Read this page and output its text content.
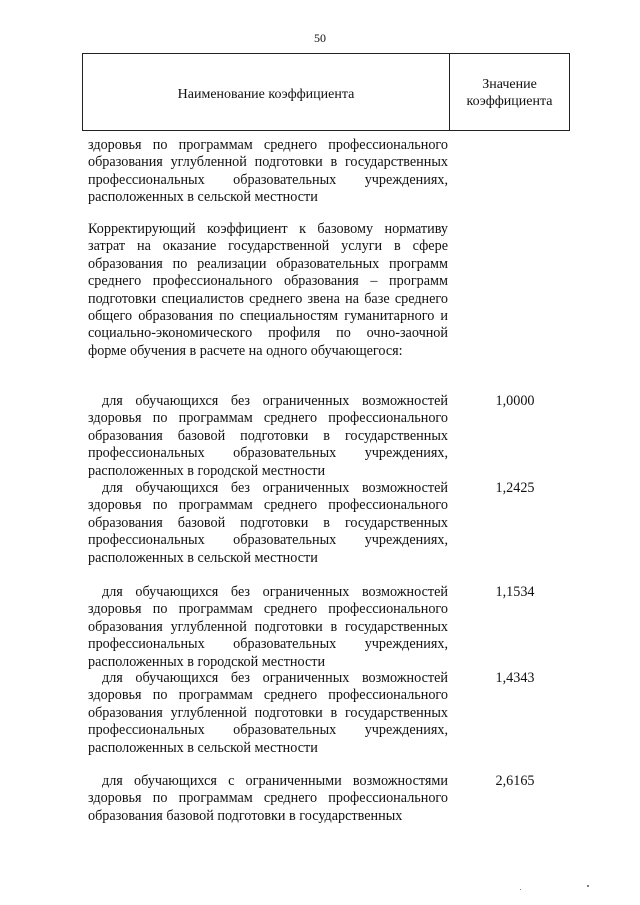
50
Наименование коэффициента
Значение коэффициента
здоровья по программам среднего профессионального образования углубленной подготовки в государственных профессиональных образовательных учреждениях, расположенных в сельской местности
Корректирующий коэффициент к базовому нормативу затрат на оказание государственной услуги в сфере образования по реализации образовательных программ среднего профессионального образования – программ подготовки специалистов среднего звена на базе среднего общего образования по специальностям гуманитарного и социально-экономического профиля по очно-заочной форме обучения в расчете на одного обучающегося:
для обучающихся без ограниченных возможностей здоровья по программам среднего профессионального образования базовой подготовки в государственных профессиональных образовательных учреждениях, расположенных в городской местности
1,0000
для обучающихся без ограниченных возможностей здоровья по программам среднего профессионального образования базовой подготовки в государственных профессиональных образовательных учреждениях, расположенных в сельской местности
1,2425
для обучающихся без ограниченных возможностей здоровья по программам среднего профессионального образования углубленной подготовки в государственных профессиональных образовательных учреждениях, расположенных в городской местности
1,1534
для обучающихся без ограниченных возможностей здоровья по программам среднего профессионального образования углубленной подготовки в государственных профессиональных образовательных учреждениях, расположенных в сельской местности
1,4343
для обучающихся с ограниченными возможностями здоровья по программам среднего профессионального образования базовой подготовки в государственных
2,6165
